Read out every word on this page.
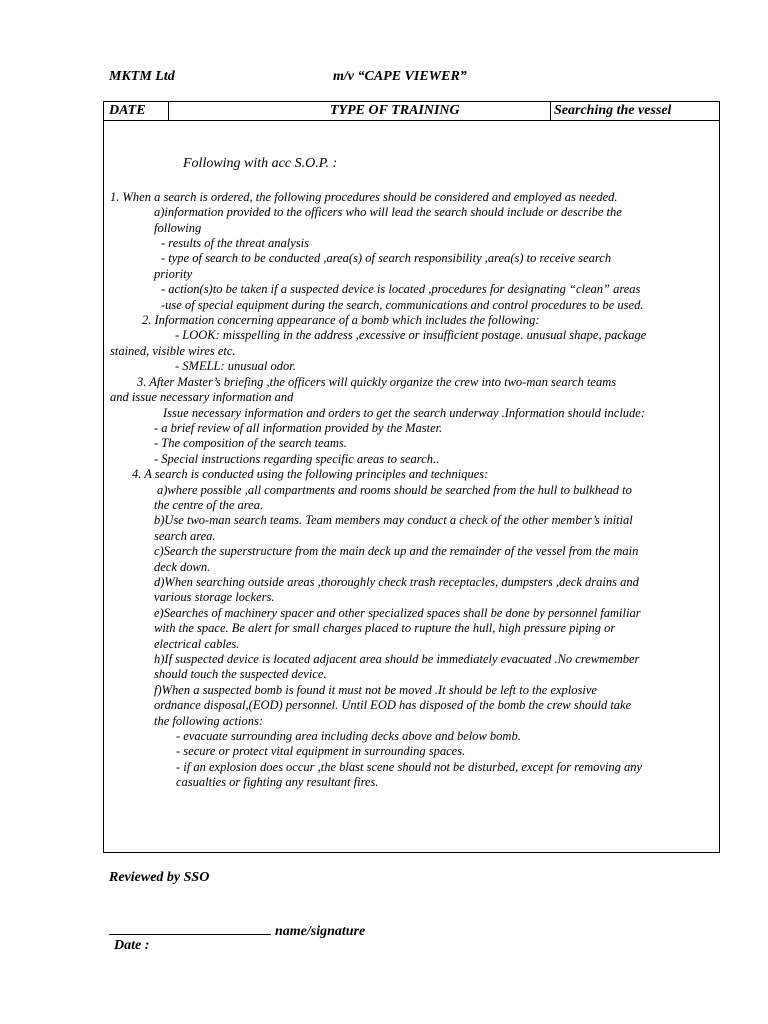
MKTM Ltd	m/v “CAPE VIEWER”
DATE	TYPE OF TRAINING	Searching the vessel
Following with acc S.O.P. :
1. When a search is ordered, the following procedures should be considered and employed as needed.
a)information provided to the officers who will lead the search should include or describe the
following
- results of the threat analysis
- type of search to be conducted ,area(s) of search responsibility ,area(s) to receive search
priority
- action(s)to be taken if a suspected device is located ,procedures for designating “clean” areas
-use of special equipment during the search, communications and control procedures to be used.
2. Information concerning appearance of a bomb which includes the following:
- LOOK: misspelling in the address ,excessive or insufficient postage. unusual shape, package
stained, visible wires etc.
- SMELL: unusual odor.
3. After Master’s briefing ,the officers will quickly organize the crew into two-man search teams
and issue necessary information and
Issue necessary information and orders to get the search underway .Information should include:
- a brief review of all information provided by the Master.
- The composition of the search teams.
- Special instructions regarding specific areas to search..
4. A search is conducted using the following principles and techniques:
a)where possible ,all compartments and rooms should be searched from the hull to bulkhead to
the centre of the area.
b)Use two-man search teams. Team members may conduct a check of the other member’s initial
search area.
c)Search the superstructure from the main deck up and the remainder of the vessel from the main
deck down.
d)When searching outside areas ,thoroughly check trash receptacles, dumpsters ,deck drains and
various storage lockers.
e)Searches of machinery spacer and other specialized spaces shall be done by personnel familiar
with the space. Be alert for small charges placed to rupture the hull, high pressure piping or
electrical cables.
h)If suspected device is located adjacent area should be immediately evacuated .No crewmember
should touch the suspected device.
f)When a suspected bomb is found it must not be moved .It should be left to the explosive
ordnance disposal,(EOD) personnel. Until EOD has disposed of the bomb the crew should take
the following actions:
- evacuate surrounding area including decks above and below bomb.
- secure or protect vital equipment in surrounding spaces.
- if an explosion does occur ,the blast scene should not be disturbed, except for removing any
casualties or fighting any resultant fires.
Reviewed by SSO
name/signature
Date :
